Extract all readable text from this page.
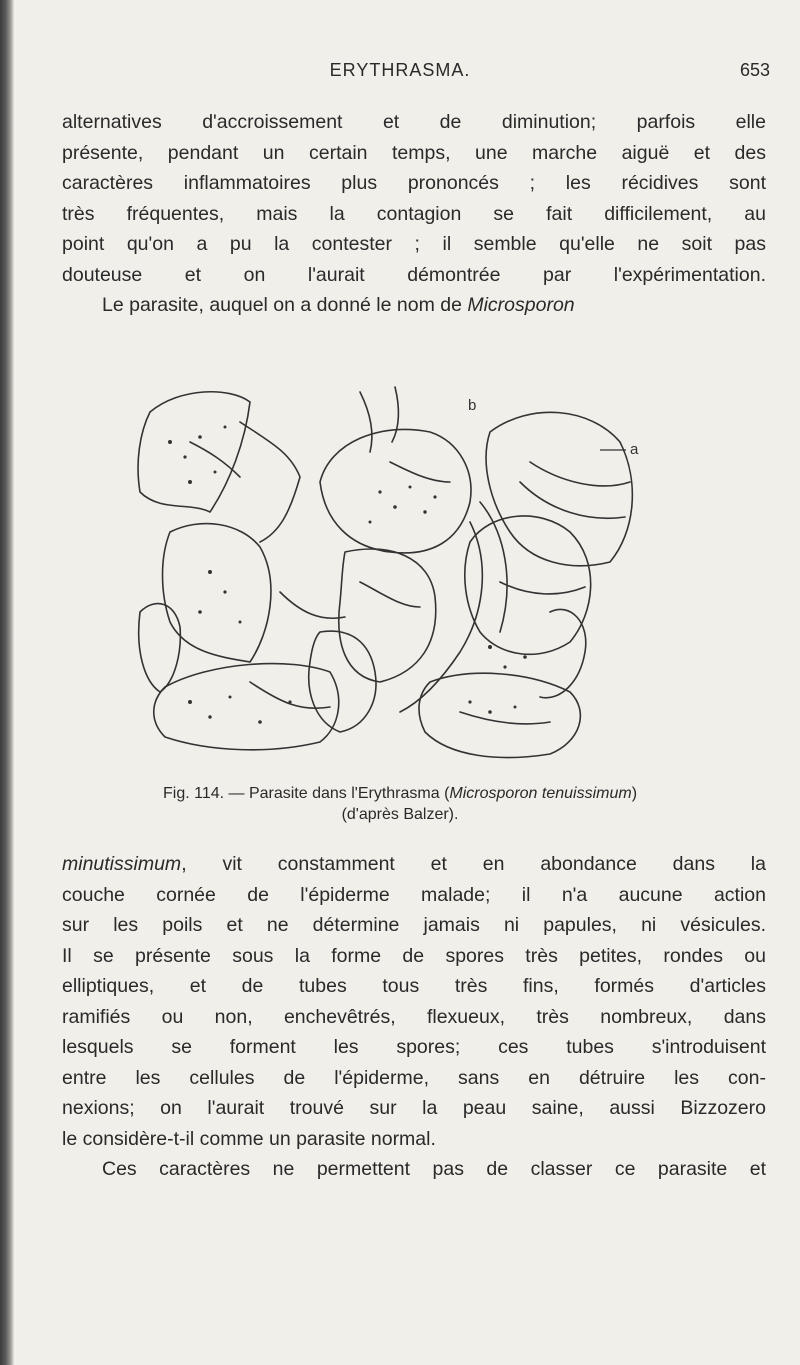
ERYTHRASMA.	653
alternatives d'accroissement et de diminution; parfois elle
présente, pendant un certain temps, une marche aiguë et des
caractères inflammatoires plus prononcés ; les récidives sont
très fréquentes, mais la contagion se fait difficilement, au
point qu'on a pu la contester ; il semble qu'elle ne soit pas
douteuse et on l'aurait démontrée par l'expérimentation.
Le parasite, auquel on a donné le nom de Microsporon
b
a
Fig. 114. — Parasite dans l'Erythrasma (Microsporon tenuissimum)
(d'après Balzer).
minutissimum, vit constamment et en abondance dans la
couche cornée de l'épiderme malade; il n'a aucune action
sur les poils et ne détermine jamais ni papules, ni vésicules.
Il se présente sous la forme de spores très petites, rondes ou
elliptiques, et de tubes tous très fins, formés d'articles
ramifiés ou non, enchevêtrés, flexueux, très nombreux, dans
lesquels se forment les spores; ces tubes s'introduisent
entre les cellules de l'épiderme, sans en détruire les con-
nexions; on l'aurait trouvé sur la peau saine, aussi Bizzozero
le considère-t-il comme un parasite normal.
Ces caractères ne permettent pas de classer ce parasite et
